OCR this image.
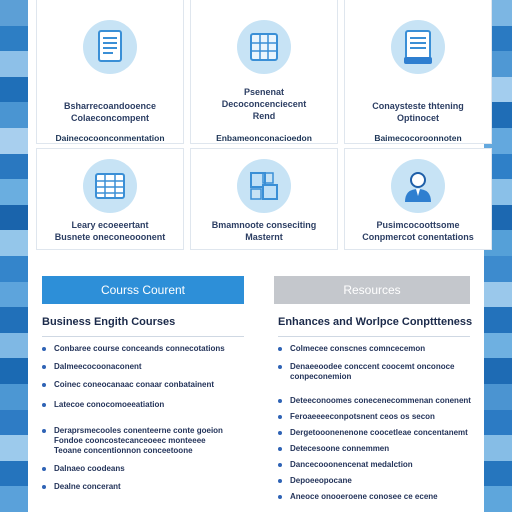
Bsharrecoandooence
Colaeconcompent
Dainecocoonconmentation
Psenenat
Decoconcenciecent
Rend
Enbameonconacioedon
Conaysteste thtening
Optinocet
Baimecocoroonnoten
Leary ecoeeertant
Busnete oneconeooonent
Bmamnoote conseciting
Masternt
Pusimcocoottsome
Conpmercot conentations
Courss Courent
Business Engith Courses
Conbaree course conceands connecotations
Dalmeecocoonaconent
Coinec coneocanaac conaar conbatainent
Latecoe conocomoeeatiation
Deraprsmecooles conenteerne conte goeion
Fondoe cooncostecanceoeec monteeee
Teoane concentionnon conceetoone
Dalnaeo coodeans
Dealne concerant
Resources
Enhances and Worlpce Conpttteness
Colmecee conscnes comncecemon
Denaeeoodee conccent coocemt onconoce
conpeconemion
Deteeconoomes conecenecommenan conenent
Feroaeeeeconpotsnent ceos os secon
Dergetooonenenone coocetleae concentanemt
Detecesoone connemmen
Dancecooonencenat medalction
Depoeeopocane
Aneoce onooeroene conosee ce ecene
